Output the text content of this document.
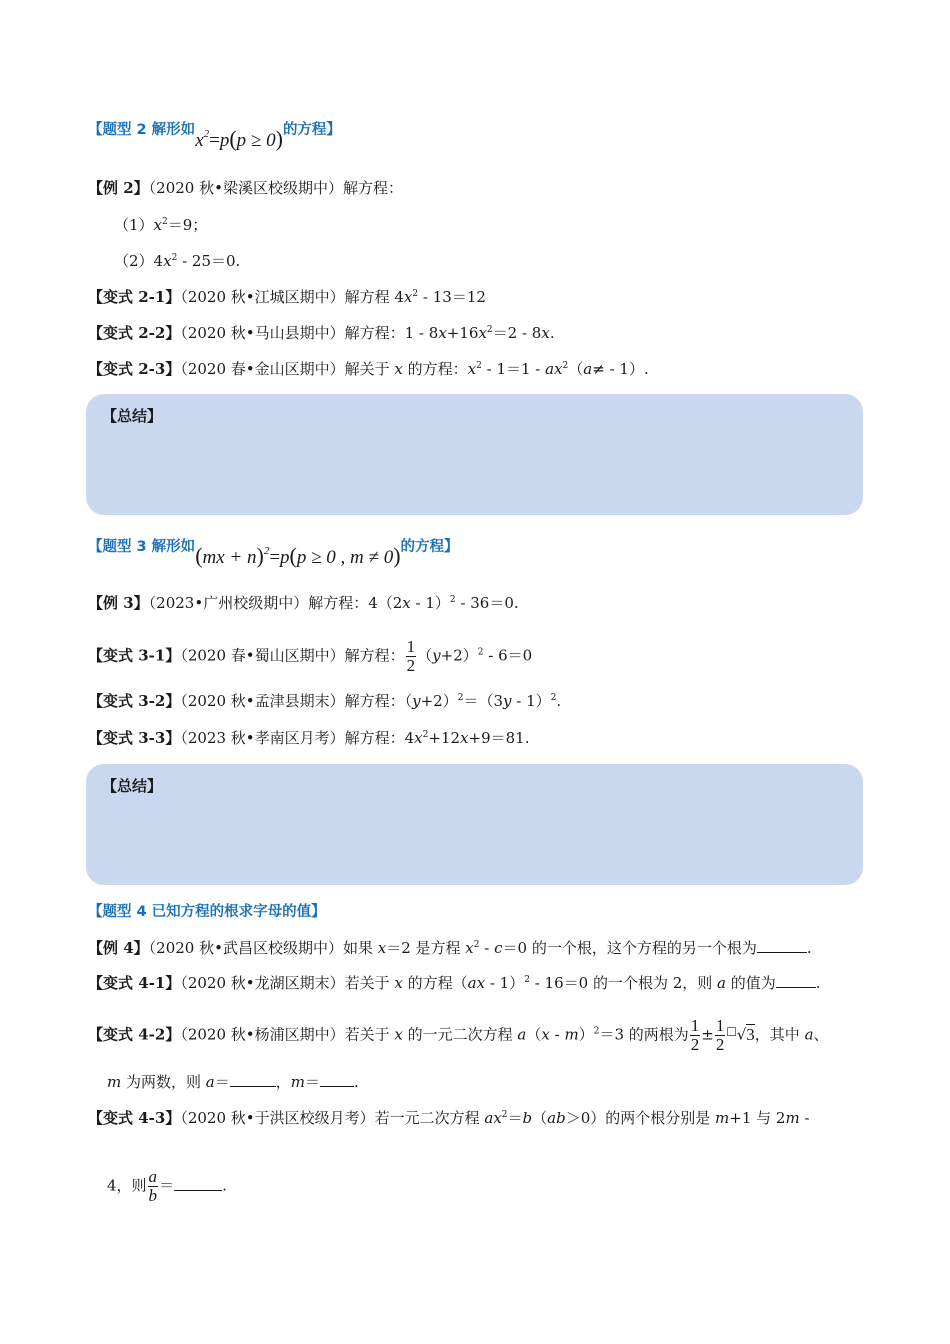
【题型 2 解形如$x^2=p(p \ge 0)$的方程】
【例 2】（2020 秋•梁溪区校级期中）解方程：
$(1)x^2=9$；
$(2)4x^2 - 25=0$.
【变式 2-1】（2020 秋•江城区期中）解方程 $4x^2 - 13=12$
【变式 2-2】（2020 秋•马山县期中）解方程：$1 - 8x+16x^2=2 - 8x$.
【变式 2-3】（2020 春•金山区期中）解关于 x 的方程：$x^2 - 1=1 - ax^2(a\ne - 1)$.
【总结】
【题型 3 解形如(mx + n)$^2$=p(p ≥ 0 , m ≠ 0)的方程】
【例 3】（2023•广州校级期中）解方程：4（2x - 1）$^2$ - 36＝0.
【变式 3-1】（2020 春•蜀山区期中）解方程： $\frac{1}{2} (y+2)^2 - 6=0$
【变式 3-2】（2020 秋•孟津县期末）解方程：$(y+2)^2=(3y - 1)^2$.
【变式 3-3】（2023 秋•孝南区月考）解方程：$4x^2+12x+9=81$.
【总结】
【题型 4 已知方程的根求字母的值】
【例 4】（2020 秋•武昌区校级期中）如果 x＝2 是方程 $x^2 - c=0$ 的一个根，这个方程的另一个根为	.
【变式 4-1】（2020 秋•龙湖区期末）若关于 x 的方程（ax - 1）$^2$ - 16＝0 的一个根为 2，则 a 的值为	.
【变式 4-2】（2020 秋•杨浦区期中）若关于 x 的一元二次方程 a（x - m）$^2$＝3 的两根为 $\frac{1}{2} \pm \frac{1}{2} ^□√3$，其中 a、
m 为两数，则 a＝	，m＝ .
【变式 4-3】（2020 秋•于洪区校级月考）若一元二次方程 $ax^2=b(ab>0)$的两个根分别是 m+1 与 2m -
4，则 $\frac{a}{b}$ ＝	.
